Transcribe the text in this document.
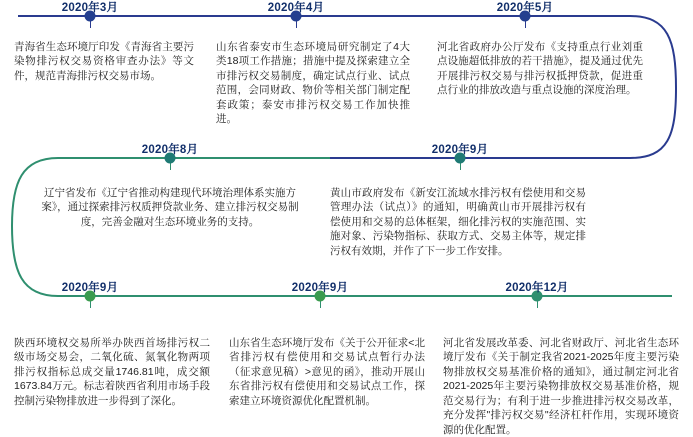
2020年3月	2020年4月	2020年5月
青海省生态环境厅印发《青海省主要污染物排污权交易资格审查办法》等文件，规范青海排污权交易市场。
山东省泰安市生态环境局研究制定了4大类18项工作措施；措施中提及探索建立全市排污权交易制度，确定试点行业、试点范围，会同财政、物价等相关部门制定配套政策；泰安市排污权交易工作加快推进。
河北省政府办公厅发布《支持重点行业刘重点设施超低排放的若干措施》，提及通过优先开展排污权交易与排污权抵押贷款，促进重点行业的排放改造与重点设施的深度治理。
2020年8月	2020年9月
辽宁省发布《辽宁省推动构建现代环境治理体系实施方案》，通过探索排污权质押贷款业务、建立排污权交易制度，完善金融对生态环境业务的支持。
黄山市政府发布《新安江流域水排污权有偿使用和交易管理办法（试点）》的通知，明确黄山市开展排污权有偿使用和交易的总体框架，细化排污权的实施范围、实施对象、污染物指标、获取方式、交易主体等，规定排污权有效期，并作了下一步工作安排。
2020年9月	2020年9月	2020年12月
陕西环境权交易所举办陕西首场排污权二级市场交易会，二氧化硫、氮氧化物两项排污权指标总成交量1746.81吨，成交额1673.84万元。标志着陕西省利用市场手段控制污染物排放进一步得到了深化。
山东省生态环境厅发布《关于公开征求<北省排污权有偿使用和交易试点暂行办法（征求意见稿）>意见的函》，推动开展山东省排污权有偿使用和交易试点工作，探索建立环境资源优化配置机制。
河北省发展改革委、河北省财政厅、河北省生态环境厅发布《关于制定我省2021-2025年度主要污染物排放权交易基准价格的通知》，通过制定河北省2021-2025年主要污染物排放权交易基准价格，规范交易行为；有利于进一步推进排污权交易改革，充分发挥"排污权交易"经济杠杆作用，实现环境资源的优化配置。
